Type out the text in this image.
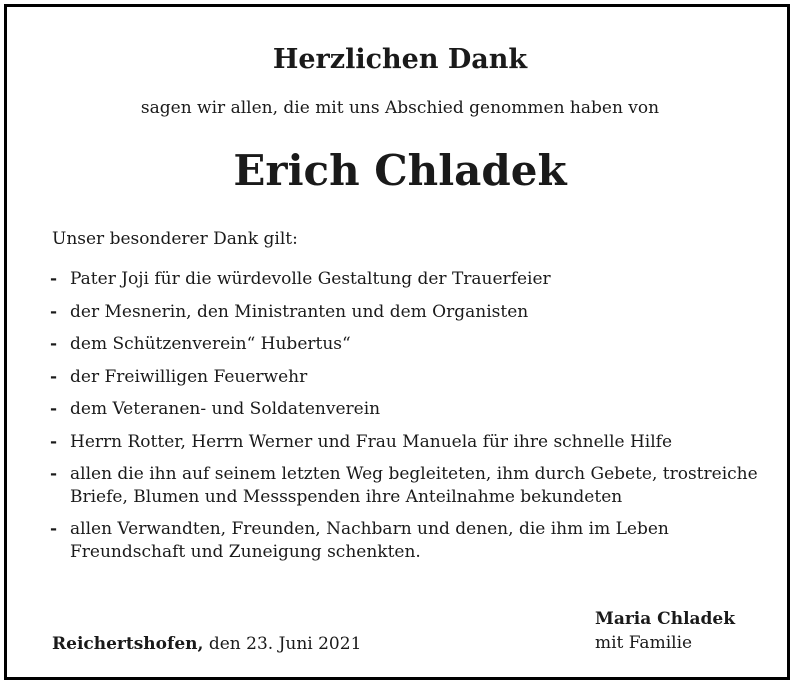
Herzlichen Dank
sagen wir allen, die mit uns Abschied genommen haben von
Erich Chladek
Unser besonderer Dank gilt:
- Pater Joji für die würdevolle Gestaltung der Trauerfeier
- der Mesnerin, den Ministranten und dem Organisten
- dem Schützenverein“ Hubertus“
- der Freiwilligen Feuerwehr
- dem Veteranen- und Soldatenverein
- Herrn Rotter, Herrn Werner und Frau Manuela für ihre schnelle Hilfe
- allen die ihn auf seinem letzten Weg begleiteten, ihm durch Gebete, trostreiche Briefe, Blumen und Messspenden ihre Anteilnahme bekundeten
- allen Verwandten, Freunden, Nachbarn und denen, die ihm im Leben Freundschaft und Zuneigung schenkten.
Reichertshofen, den 23. Juni 2021
Maria Chladek
mit Familie
